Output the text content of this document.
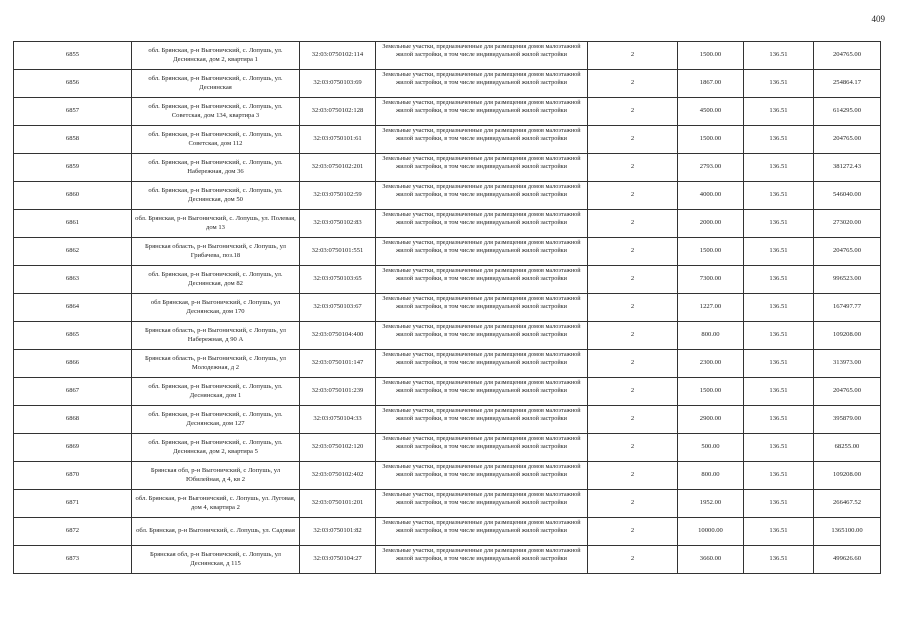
409
6855	обл. Брянская, р-н Выгоничский, с. Лопушь, ул. Деснянская, дом 2, квартира 1	32:03:0750102:114	Земельные участки, предназначенные для размещения домов малоэтажной жилой застройки, в том числе индивидуальной жилой застройки	2	1500.00	136.51	204765.00
6856	обл. Брянская, р-н Выгоничский, с. Лопушь, ул. Деснянская	32:03:0750103:69	Земельные участки, предназначенные для размещения домов малоэтажной жилой застройки, в том числе индивидуальной жилой застройки	2	1867.00	136.51	254864.17
6857	обл. Брянская, р-н Выгоничский, с. Лопушь, ул. Советская, дом 134, квартира 3	32:03:0750102:128	Земельные участки, предназначенные для размещения домов малоэтажной жилой застройки, в том числе индивидуальной жилой застройки	2	4500.00	136.51	614295.00
6858	обл. Брянская, р-н Выгоничский, с. Лопушь, ул. Советская, дом 112	32:03:0750101:61	Земельные участки, предназначенные для размещения домов малоэтажной жилой застройки, в том числе индивидуальной жилой застройки	2	1500.00	136.51	204765.00
6859	обл. Брянская, р-н Выгоничский, с. Лопушь, ул. Набережная, дом 36	32:03:0750102:201	Земельные участки, предназначенные для размещения домов малоэтажной жилой застройки, в том числе индивидуальной жилой застройки	2	2793.00	136.51	381272.43
6860	обл. Брянская, р-н Выгоничский, с. Лопушь, ул. Деснянская, дом 50	32:03:0750102:59	Земельные участки, предназначенные для размещения домов малоэтажной жилой застройки, в том числе индивидуальной жилой застройки	2	4000.00	136.51	546040.00
6861	обл. Брянская, р-н Выгоничский, с. Лопушь, ул. Полевая, дом 13	32:03:0750102:83	Земельные участки, предназначенные для размещения домов малоэтажной жилой застройки, в том числе индивидуальной жилой застройки	2	2000.00	136.51	273020.00
6862	Брянская область, р-н Выгоничский, с Лопушь, ул Грибачева, поз.18	32:03:0750101:551	Земельные участки, предназначенные для размещения домов малоэтажной жилой застройки, в том числе индивидуальной жилой застройки	2	1500.00	136.51	204765.00
6863	обл. Брянская, р-н Выгоничский, с. Лопушь, ул. Деснянская, дом 82	32:03:0750103:65	Земельные участки, предназначенные для размещения домов малоэтажной жилой застройки, в том числе индивидуальной жилой застройки	2	7300.00	136.51	996523.00
6864	обл Брянская, р-н Выгоничский, с Лопушь, ул Деснянская, дом 170	32:03:0750103:67	Земельные участки, предназначенные для размещения домов малоэтажной жилой застройки, в том числе индивидуальной жилой застройки	2	1227.00	136.51	167497.77
6865	Брянская область, р-н Выгоничский, с Лопушь, ул Набережная, д 90 А	32:03:0750104:400	Земельные участки, предназначенные для размещения домов малоэтажной жилой застройки, в том числе индивидуальной жилой застройки	2	800.00	136.51	109208.00
6866	Брянская область, р-н Выгоничский, с Лопушь, ул Молодежная, д 2	32:03:0750101:147	Земельные участки, предназначенные для размещения домов малоэтажной жилой застройки, в том числе индивидуальной жилой застройки	2	2300.00	136.51	313973.00
6867	обл. Брянская, р-н Выгоничский, с. Лопушь, ул. Деснянская, дом 1	32:03:0750101:239	Земельные участки, предназначенные для размещения домов малоэтажной жилой застройки, в том числе индивидуальной жилой застройки	2	1500.00	136.51	204765.00
6868	обл. Брянская, р-н Выгоничский, с. Лопушь, ул. Деснянская, дом 127	32:03:0750104:33	Земельные участки, предназначенные для размещения домов малоэтажной жилой застройки, в том числе индивидуальной жилой застройки	2	2900.00	136.51	395879.00
6869	обл. Брянская, р-н Выгоничский, с. Лопушь, ул. Деснянская, дом 2, квартира 5	32:03:0750102:120	Земельные участки, предназначенные для размещения домов малоэтажной жилой застройки, в том числе индивидуальной жилой застройки	2	500.00	136.51	68255.00
6870	Брянская обл, р-н Выгоничский, с Лопушь, ул Юбилейная, д 4, кв 2	32:03:0750102:402	Земельные участки, предназначенные для размещения домов малоэтажной жилой застройки, в том числе индивидуальной жилой застройки	2	800.00	136.51	109208.00
6871	обл. Брянская, р-н Выгоничский, с. Лопушь, ул. Луговая, дом 4, квартира 2	32:03:0750101:201	Земельные участки, предназначенные для размещения домов малоэтажной жилой застройки, в том числе индивидуальной жилой застройки	2	1952.00	136.51	266467.52
6872	обл. Брянская, р-н Выгоничский, с. Лопушь, ул. Садовая	32:03:0750101:82	Земельные участки, предназначенные для размещения домов малоэтажной жилой застройки, в том числе индивидуальной жилой застройки	2	10000.00	136.51	1365100.00
6873	Брянская обл, р-н Выгоничский, с. Лопушь, ул Деснянская, д 115	32:03:0750104:27	Земельные участки, предназначенные для размещения домов малоэтажной жилой застройки, в том числе индивидуальной жилой застройки	2	3660.00	136.51	499626.60
